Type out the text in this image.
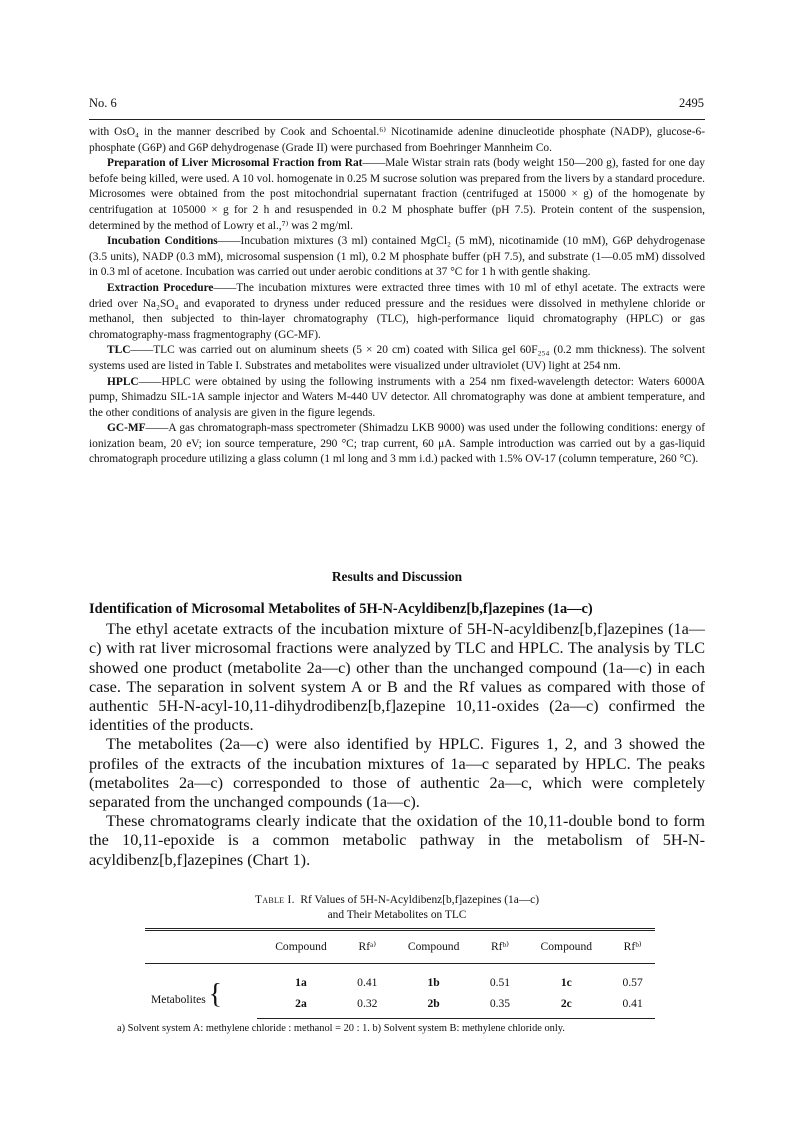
No. 6	2495

with OsO₄ in the manner described by Cook and Schoental.⁶⁾ Nicotinamide adenine dinucleotide phosphate (NADP), glucose-6-phosphate (G6P) and G6P dehydrogenase (Grade II) were purchased from Boehringer Mannheim Co.

Preparation of Liver Microsomal Fraction from Rat——Male Wistar strain rats (body weight 150—200 g), fasted for one day befofe being killed, were used. A 10 vol. homogenate in 0.25 M sucrose solution was prepared from the livers by a standard procedure. Microsomes were obtained from the post mitochondrial supernatant fraction (centrifuged at 15000 × g) of the homogenate by centrifugation at 105000 × g for 2 h and resuspended in 0.2 M phosphate buffer (pH 7.5). Protein content of the suspension, determined by the method of Lowry et al.,⁷⁾ was 2 mg/ml.

Incubation Conditions——Incubation mixtures (3 ml) contained MgCl₂ (5 mM), nicotinamide (10 mM), G6P dehydrogenase (3.5 units), NADP (0.3 mM), microsomal suspension (1 ml), 0.2 M phosphate buffer (pH 7.5), and substrate (1—0.05 mM) dissolved in 0.3 ml of acetone. Incubation was carried out under aerobic conditions at 37 °C for 1 h with gentle shaking.

Extraction Procedure——The incubation mixtures were extracted three times with 10 ml of ethyl acetate. The extracts were dried over Na₂SO₄ and evaporated to dryness under reduced pressure and the residues were dissolved in methylene chloride or methanol, then subjected to thin-layer chromatography (TLC), high-performance liquid chromatography (HPLC) or gas chromatography-mass fragmentography (GC-MF).

TLC——TLC was carried out on aluminum sheets (5 × 20 cm) coated with Silica gel 60F₂₅₄ (0.2 mm thickness). The solvent systems used are listed in Table I. Substrates and metabolites were visualized under ultraviolet (UV) light at 254 nm.

HPLC——HPLC were obtained by using the following instruments with a 254 nm fixed-wavelength detector: Waters 6000A pump, Shimadzu SIL-1A sample injector and Waters M-440 UV detector. All chromatography was done at ambient temperature, and the other conditions of analysis are given in the figure legends.

GC-MF——A gas chromatograph-mass spectrometer (Shimadzu LKB 9000) was used under the following conditions: energy of ionization beam, 20 eV; ion source temperature, 290 °C; trap current, 60 μA. Sample introduction was carried out by a gas-liquid chromatograph procedure utilizing a glass column (1 ml long and 3 mm i.d.) packed with 1.5% OV-17 (column temperature, 260 °C).

Results and Discussion
Identification of Microsomal Metabolites of 5H-N-Acyldibenz[b,f]azepines (1a—c)

The ethyl acetate extracts of the incubation mixture of 5H-N-acyldibenz[b,f]azepines (1a—c) with rat liver microsomal fractions were analyzed by TLC and HPLC. The analysis by TLC showed one product (metabolite 2a—c) other than the unchanged compound (1a—c) in each case. The separation in solvent system A or B and the Rf values as compared with those of authentic 5H-N-acyl-10,11-dihydrodibenz[b,f]azepine 10,11-oxides (2a—c) confirmed the identities of the products.

The metabolites (2a—c) were also identified by HPLC. Figures 1, 2, and 3 showed the profiles of the extracts of the incubation mixtures of 1a—c separated by HPLC. The peaks (metabolites 2a—c) corresponded to those of authentic 2a—c, which were completely separated from the unchanged compounds (1a—c).

These chromatograms clearly indicate that the oxidation of the 10,11-double bond to form the 10,11-epoxide is a common metabolic pathway in the metabolism of 5H-N-acyldibenz[b,f]azepines (Chart 1).

Table I. Rf Values of 5H-N-Acyldibenz[b,f]azepines (1a—c)
and Their Metabolites on TLC
	Compound	Rfᵃ⁾	Compound	Rfᵇ⁾	Compound	Rfᵇ⁾
Metabolites {	1a	0.41	1b	0.51	1c	0.57
	2a	0.32	2b	0.35	2c	0.41
a) Solvent system A: methylene chloride : methanol = 20 : 1. b) Solvent system B: methylene chloride only.
